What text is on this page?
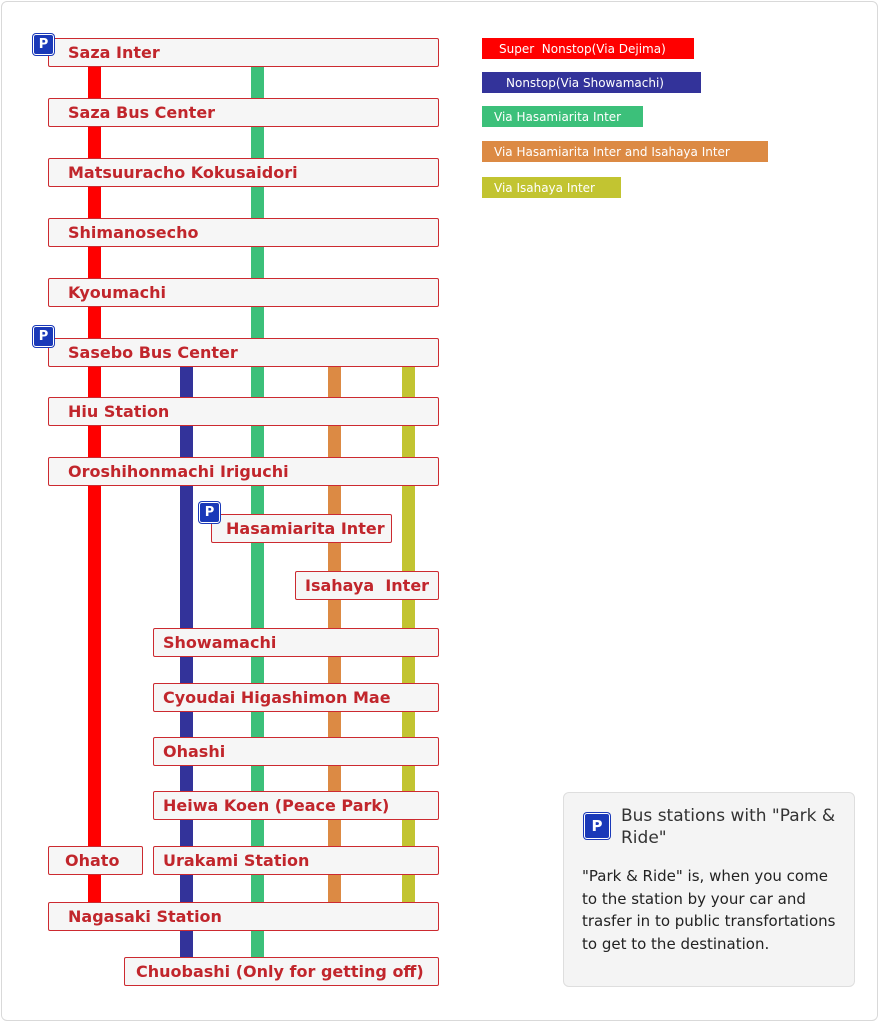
Saza Inter
Saza Bus Center
Matsuuracho Kokusaidori
Shimanosecho
Kyoumachi
Sasebo Bus Center
Hiu Station
Oroshihonmachi Iriguchi
Hasamiarita Inter
Isahaya  Inter
Showamachi
Cyoudai Higashimon Mae
Ohashi
Heiwa Koen (Peace Park)
Ohato	Urakami Station
Nagasaki Station
Chuobashi (Only for getting off)
P
P
P
Super  Nonstop(Via Dejima)
Nonstop(Via Showamachi)
Via Hasamiarita Inter
Via Hasamiarita Inter and Isahaya Inter
Via Isahaya Inter
P Bus stations with "Park & Ride"
"Park & Ride" is, when you come to the station by your car and trasfer in to public transfortations to get to the destination.
